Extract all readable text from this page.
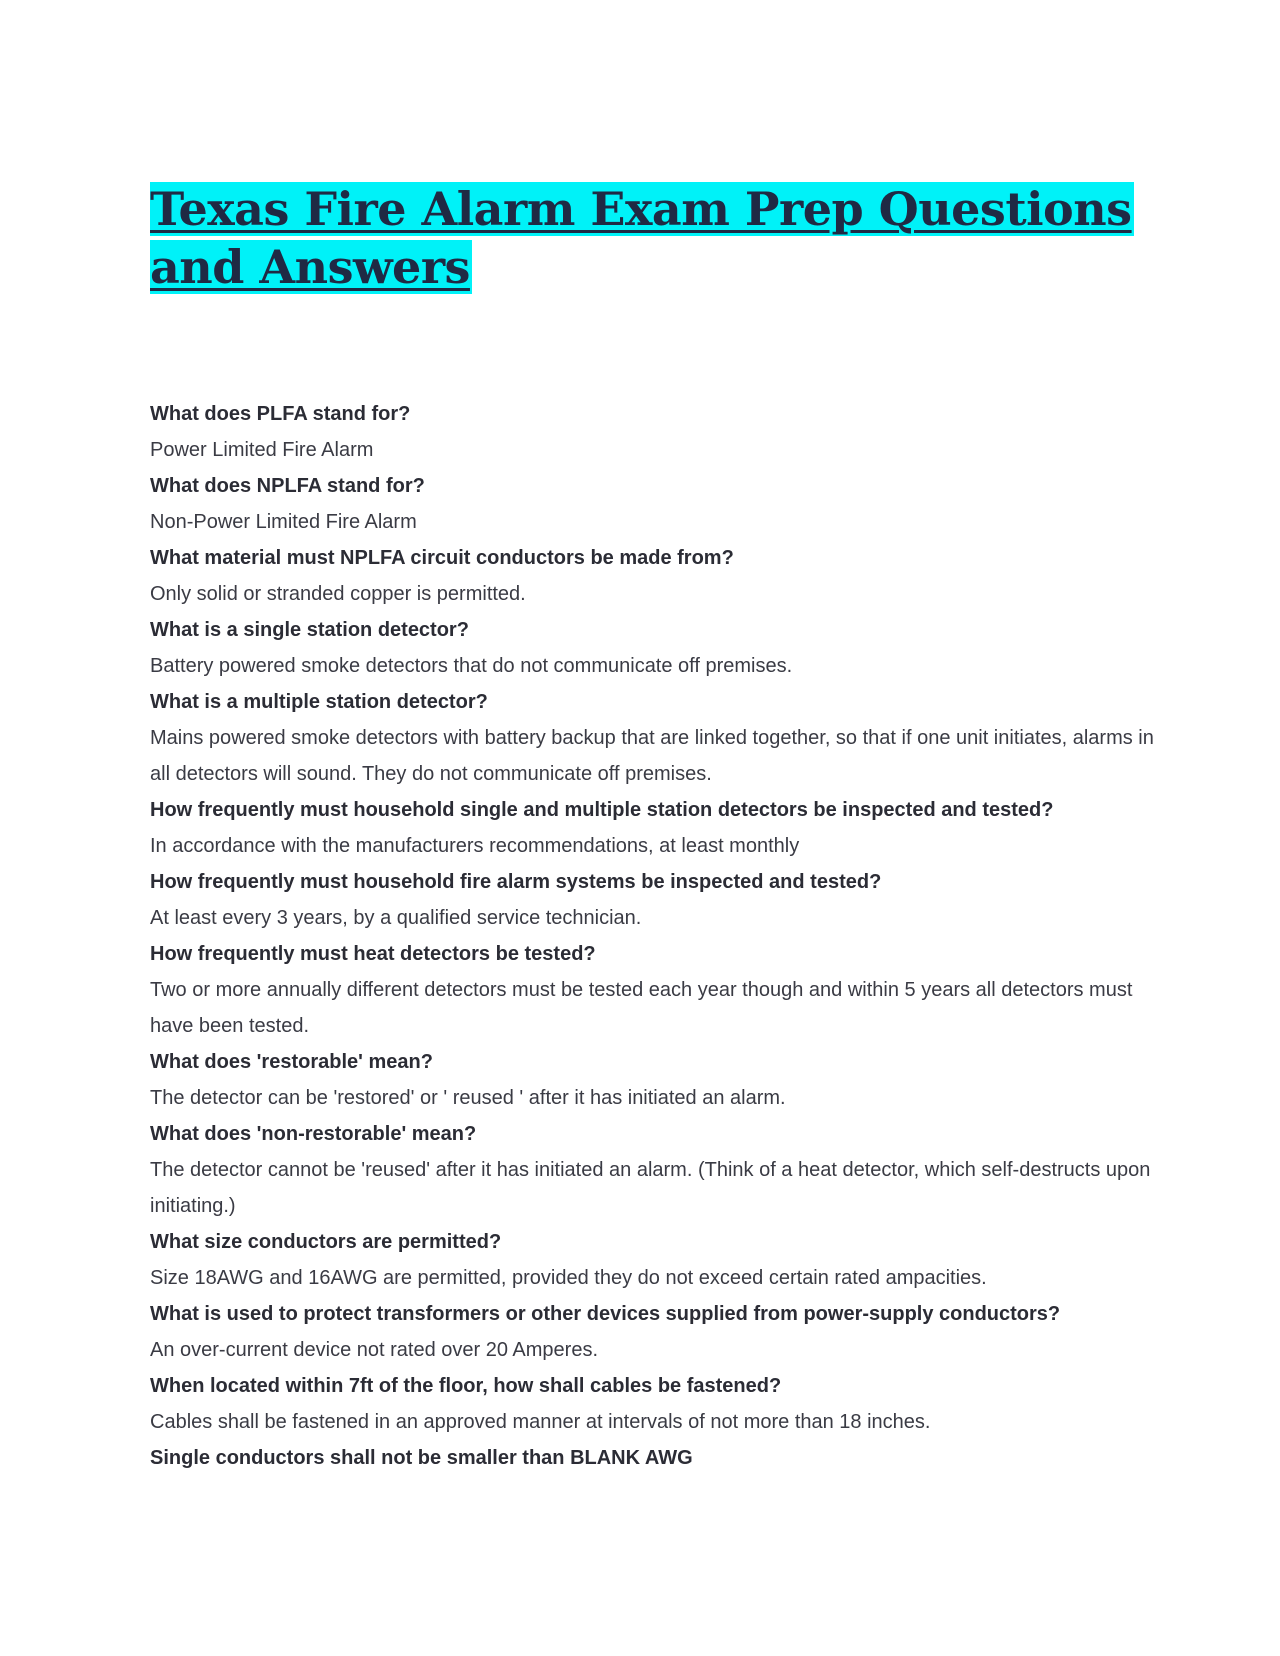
Texas Fire Alarm Exam Prep Questions
and Answers
What does PLFA stand for?
Power Limited Fire Alarm
What does NPLFA stand for?
Non-Power Limited Fire Alarm
What material must NPLFA circuit conductors be made from?
Only solid or stranded copper is permitted.
What is a single station detector?
Battery powered smoke detectors that do not communicate off premises.
What is a multiple station detector?
Mains powered smoke detectors with battery backup that are linked together, so that if one unit initiates, alarms in all detectors will sound. They do not communicate off premises.
How frequently must household single and multiple station detectors be inspected and tested?
In accordance with the manufacturers recommendations, at least monthly
How frequently must household fire alarm systems be inspected and tested?
At least every 3 years, by a qualified service technician.
How frequently must heat detectors be tested?
Two or more annually different detectors must be tested each year though and within 5 years all detectors must have been tested.
What does 'restorable' mean?
The detector can be 'restored' or ' reused ' after it has initiated an alarm.
What does 'non-restorable' mean?
The detector cannot be 'reused' after it has initiated an alarm. (Think of a heat detector, which self-destructs upon initiating.)
What size conductors are permitted?
Size 18AWG and 16AWG are permitted, provided they do not exceed certain rated ampacities.
What is used to protect transformers or other devices supplied from power-supply conductors?
An over-current device not rated over 20 Amperes.
When located within 7ft of the floor, how shall cables be fastened?
Cables shall be fastened in an approved manner at intervals of not more than 18 inches.
Single conductors shall not be smaller than BLANK AWG
